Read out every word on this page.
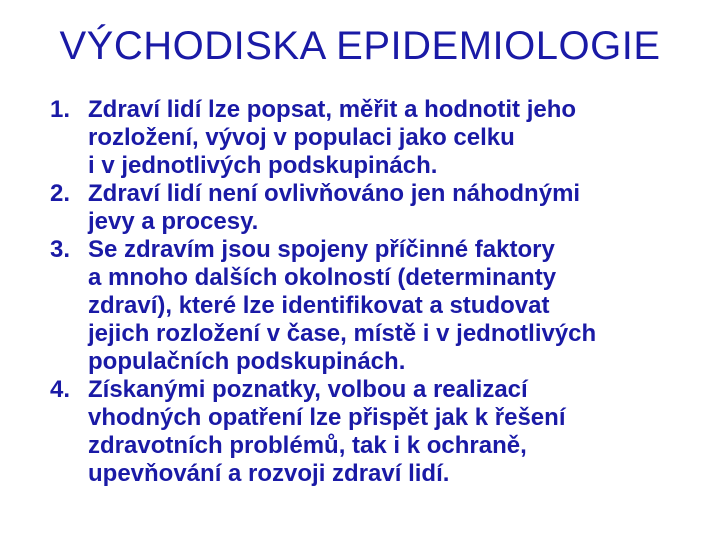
VÝCHODISKA EPIDEMIOLOGIE
1. Zdraví lidí lze popsat, měřit a hodnotit jeho
rozložení, vývoj v populaci jako celku
i v jednotlivých podskupinách.
2. Zdraví lidí není ovlivňováno jen náhodnými
jevy a procesy.
3. Se zdravím jsou spojeny příčinné faktory
a mnoho dalších okolností (determinanty
zdraví), které lze identifikovat a studovat
jejich rozložení v čase, místě i v jednotlivých
populačních podskupinách.
4. Získanými poznatky, volbou a realizací
vhodných opatření lze přispět jak k řešení
zdravotních problémů, tak i k ochraně,
upevňování a rozvoji zdraví lidí.
